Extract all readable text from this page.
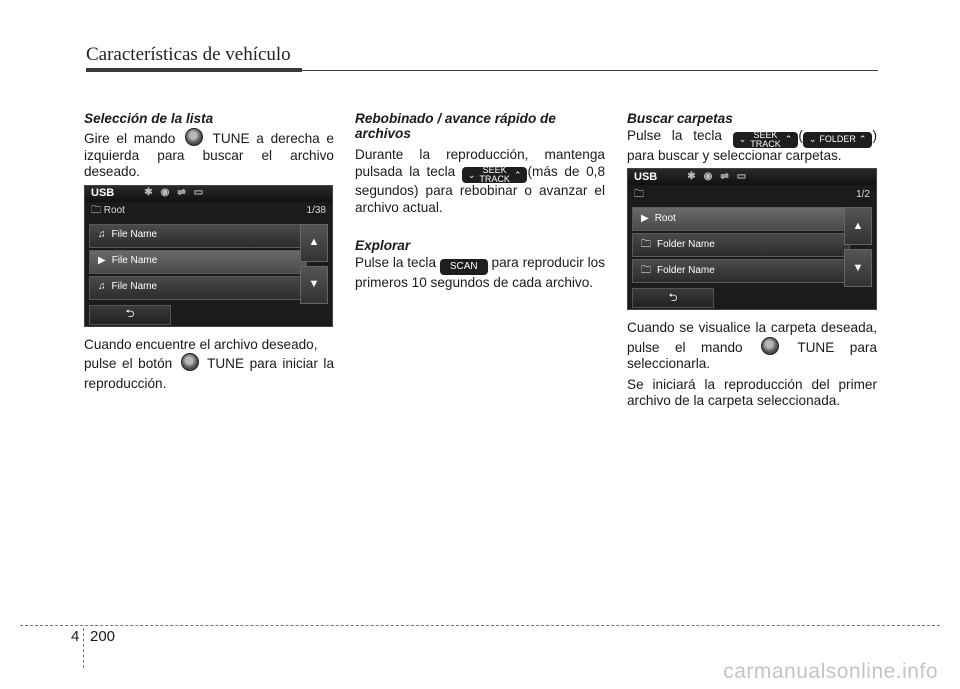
Características de vehículo
Selección de la lista
Gire el mando	TUNE a derecha e izquierda para buscar el archivo deseado.
USB	✱ ◉ ⇌ ▭
🗀 Root	1/38
♫ File Name
▶ File Name
♫ File Name
▲
▼
⮌
Cuando encuentre el archivo deseado,
pulse el botón	TUNE para iniciar la reproducción.
Rebobinado / avance rápido de archivos
Durante la reproducción, mantenga pulsada la tecla ⌄ SEEK
TRACK ⌃ (más de 0,8 segundos) para rebobinar o avanzar el archivo actual.
Explorar
Pulse la tecla SCAN para reproducir los primeros 10 segundos de cada archivo.
Buscar carpetas
Pulse la tecla ⌄ SEEK
TRACK ⌃ ( ⌄ FOLDER ⌃ ) para buscar y seleccionar carpetas.
USB	✱ ◉ ⇌ ▭
🗀	1/2
▶ Root
🗀 Folder Name
🗀 Folder Name
▲
▼
⮌
Cuando se visualice la carpeta deseada, pulse el mando	TUNE para seleccionarla.
Se iniciará la reproducción del primer archivo de la carpeta seleccionada.
4 200
carmanualsonline.info
